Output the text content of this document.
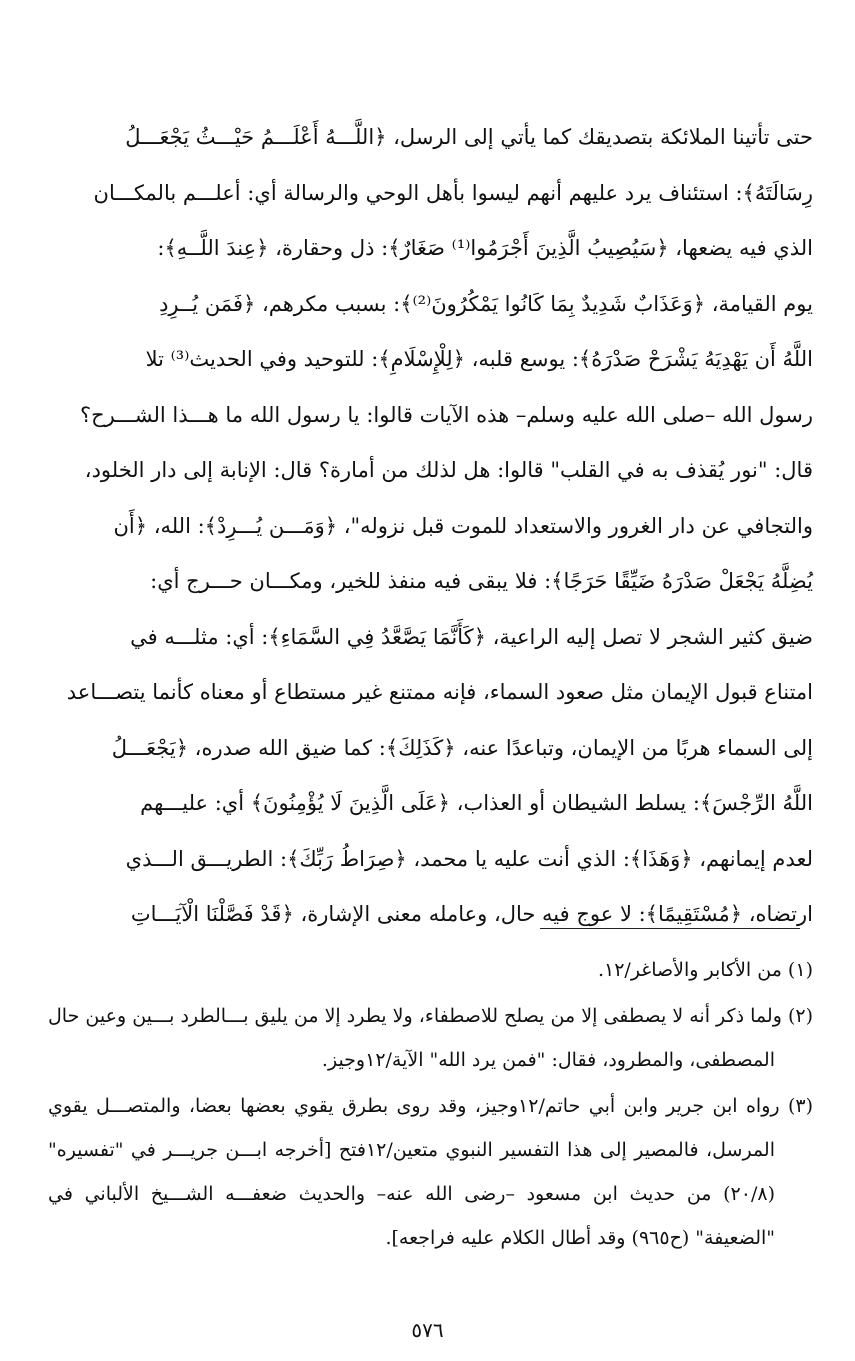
حتى تأتينا الملائكة بتصديقك كما يأتي إلى الرسل، ﴿اللَّـــهُ أَعْلَـــمُ حَيْـــثُ يَجْعَـــلُ
رِسَالَتَهُ﴾: استئناف يرد عليهم أنهم ليسوا بأهل الوحي والرسالة أي: أعلـــم بالمكـــان
الذي فيه يضعها، ﴿سَيُصِيبُ الَّذِينَ أَجْرَمُوا⁽¹⁾ صَغَارٌ﴾: ذل وحقارة، ﴿عِندَ اللَّــهِ﴾:
يوم القيامة، ﴿وَعَذَابٌ شَدِيدٌ بِمَا كَانُوا يَمْكُرُونَ⁽²⁾﴾: بسبب مكرهم، ﴿فَمَن يُــرِدِ
اللَّهُ أَن يَهْدِيَهُ يَشْرَحْ صَدْرَهُ﴾: يوسع قلبه، ﴿لِلْإِسْلَامِ﴾: للتوحيد وفي الحديث⁽³⁾ تلا
رسول الله –صلى الله عليه وسلم– هذه الآيات قالوا: يا رسول الله ما هـــذا الشـــرح؟
قال: "نور يُقذف به في القلب" قالوا: هل لذلك من أمارة؟ قال: الإنابة إلى دار الخلود،
والتجافي عن دار الغرور والاستعداد للموت قبل نزوله"، ﴿وَمَـــن يُـــرِدْ﴾: الله، ﴿أَن
يُضِلَّهُ يَجْعَلْ صَدْرَهُ ضَيِّقًا حَرَجًا﴾: فلا يبقى فيه منفذ للخير، ومكـــان حـــرج أي:
ضيق كثير الشجر لا تصل إليه الراعية، ﴿كَأَنَّمَا يَصَّعَّدُ فِي السَّمَاءِ﴾: أي: مثلـــه في
امتناع قبول الإيمان مثل صعود السماء، فإنه ممتنع غير مستطاع أو معناه كأنما يتصـــاعد
إلى السماء هربًا من الإيمان، وتباعدًا عنه، ﴿كَذَلِكَ﴾: كما ضيق الله صدره، ﴿يَجْعَـــلُ
اللَّهُ الرِّجْسَ﴾: يسلط الشيطان أو العذاب، ﴿عَلَى الَّذِينَ لَا يُؤْمِنُونَ﴾ أي: عليـــهم
لعدم إيمانهم، ﴿وَهَذَا﴾: الذي أنت عليه يا محمد، ﴿صِرَاطُ رَبِّكَ﴾: الطريـــق الـــذي
ارتضاه، ﴿مُسْتَقِيمًا﴾: لا عوج فيه حال، وعامله معنى الإشارة، ﴿قَدْ فَصَّلْنَا الْآيَـــاتِ

(١) من الأكابر والأصاغر/١٢.

(٢) ولما ذكر أنه لا يصطفى إلا من يصلح للاصطفاء، ولا يطرد إلا من يليق بـــالطرد بـــين وعين حال المصطفى، والمطرود، فقال: "فمن يرد الله" الآية/١٢وجيز.

(٣) رواه ابن جرير وابن أبي حاتم/١٢وجيز، وقد روى بطرق يقوي بعضها بعضا، والمتصـــل يقوي المرسل، فالمصير إلى هذا التفسير النبوي متعين/١٢فتح [أخرجه ابـــن جريـــر في "تفسيره" (٢٠/٨) من حديث ابن مسعود –رضى الله عنه– والحديث ضعفـــه الشـــيخ الألباني في "الضعيفة" (ح٩٦٥) وقد أطال الكلام عليه فراجعه].

٥٧٦
